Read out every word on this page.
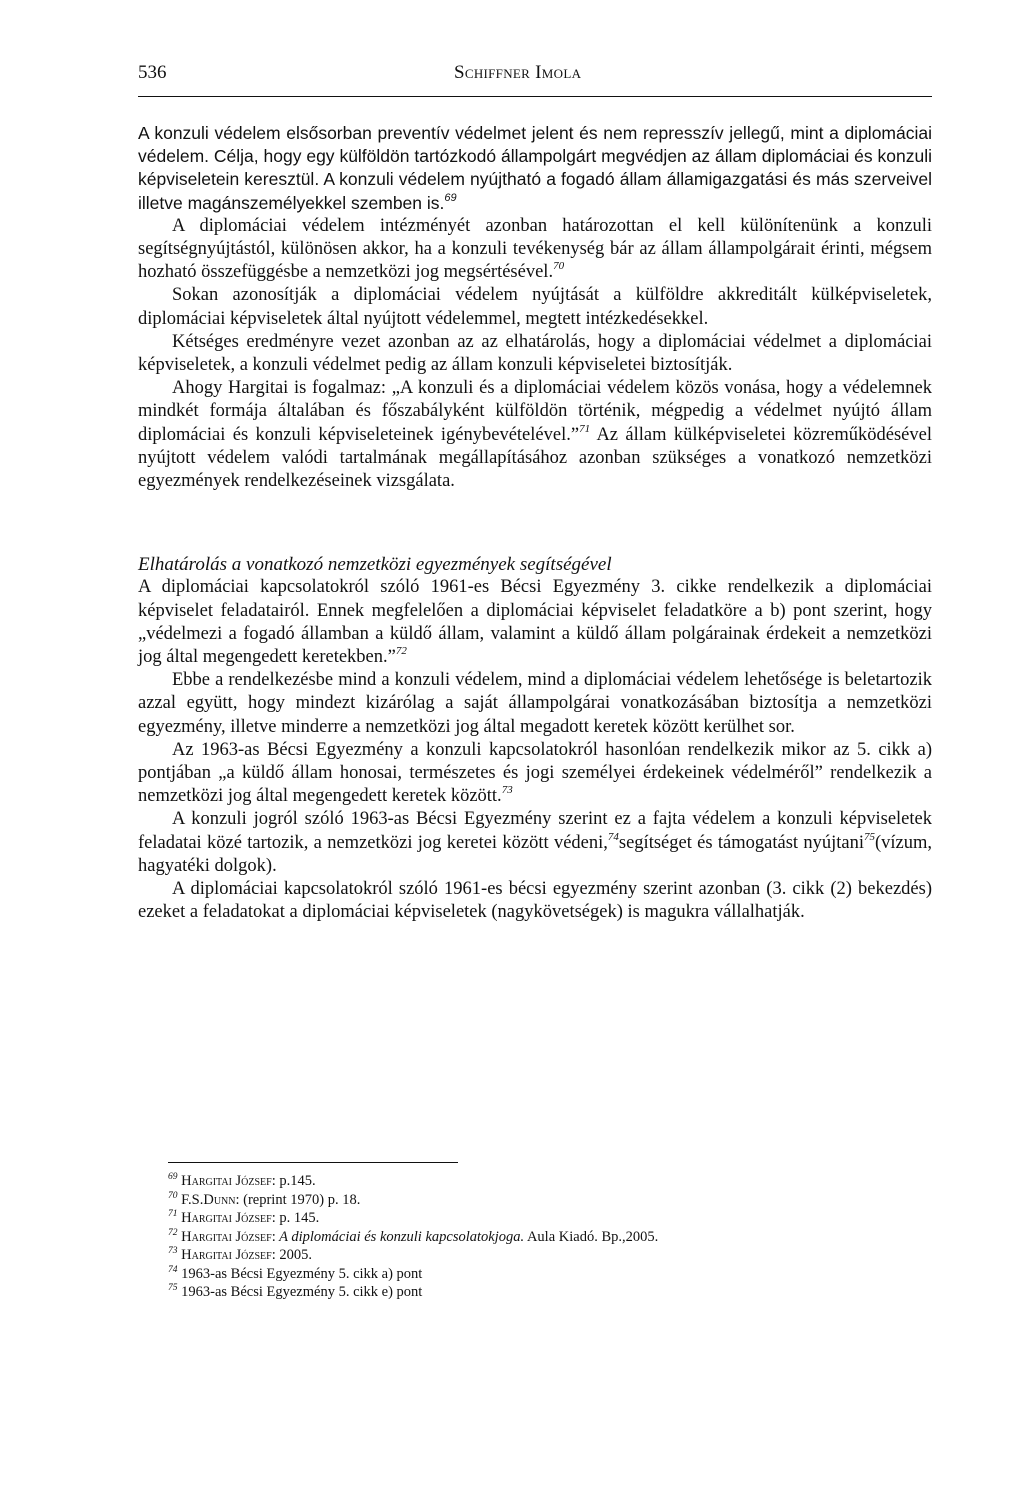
536	Schiffner Imola

A konzuli védelem elsősorban preventív védelmet jelent és nem represszív jellegű, mint a diplomáciai védelem. Célja, hogy egy külföldön tartózkodó állampolgárt megvédjen az állam diplomáciai és konzuli képviseletein keresztül. A konzuli védelem nyújtható a fogadó állam államigazgatási és más szerveivel illetve magánszemélyekkel szemben is.$^{69}$

A diplomáciai védelem intézményét azonban határozottan el kell különítenünk a konzuli segítségnyújtástól, különösen akkor, ha a konzuli tevékenység bár az állam állampolgárait érinti, mégsem hozható összefüggésbe a nemzetközi jog megsértésével.$^{70}$

Sokan azonosítják a diplomáciai védelem nyújtását a külföldre akkreditált külképviseletek, diplomáciai képviseletek által nyújtott védelemmel, megtett intézkedésekkel.

Kétséges eredményre vezet azonban az az elhatárolás, hogy a diplomáciai védelmet a diplomáciai képviseletek, a konzuli védelmet pedig az állam konzuli képviseletei biztosítják.

Ahogy Hargitai is fogalmaz: „A konzuli és a diplomáciai védelem közös vonása, hogy a védelemnek mindkét formája általában és főszabályként külföldön történik, mégpedig a védelmet nyújtó állam diplomáciai és konzuli képviseleteinek igénybevételével.”$^{71}$ Az állam külképviseletei közreműködésével nyújtott védelem valódi tartalmának megállapításához azonban szükséges a vonatkozó nemzetközi egyezmények rendelkezéseinek vizsgálata.

Elhatárolás a vonatkozó nemzetközi egyezmények segítségével

A diplomáciai kapcsolatokról szóló 1961-es Bécsi Egyezmény 3. cikke rendelkezik a diplomáciai képviselet feladatairól. Ennek megfelelően a diplomáciai képviselet feladatköre a b) pont szerint, hogy „védelmezi a fogadó államban a küldő állam, valamint a küldő állam polgárainak érdekeit a nemzetközi jog által megengedett keretekben.”$^{72}$

Ebbe a rendelkezésbe mind a konzuli védelem, mind a diplomáciai védelem lehetősége is beletartozik azzal együtt, hogy mindezt kizárólag a saját állampolgárai vonatkozásában biztosítja a nemzetközi egyezmény, illetve minderre a nemzetközi jog által megadott keretek között kerülhet sor.

Az 1963-as Bécsi Egyezmény a konzuli kapcsolatokról hasonlóan rendelkezik mikor az 5. cikk a) pontjában „a küldő állam honosai, természetes és jogi személyei érdekeinek védelméről” rendelkezik a nemzetközi jog által megengedett keretek között.$^{73}$

A konzuli jogról szóló 1963-as Bécsi Egyezmény szerint ez a fajta védelem a konzuli képviseletek feladatai közé tartozik, a nemzetközi jog keretei között védeni,$^{74}$segítséget és támogatást nyújtani$^{75}$(vízum, hagyatéki dolgok).

A diplomáciai kapcsolatokról szóló 1961-es bécsi egyezmény szerint azonban (3. cikk (2) bekezdés) ezeket a feladatokat a diplomáciai képviseletek (nagykövetségek) is magukra vállalhatják.

$^{69}$ Hargitai József: p.145.

$^{70}$ F.S.Dunn: (reprint 1970) p. 18.

$^{71}$ Hargitai József: p. 145.

$^{72}$ Hargitai József: A diplomáciai és konzuli kapcsolatokjoga. Aula Kiadó. Bp.,2005.

$^{73}$ Hargitai József: 2005.

$^{74}$ 1963-as Bécsi Egyezmény 5. cikk a) pont

$^{75}$ 1963-as Bécsi Egyezmény 5. cikk e) pont
